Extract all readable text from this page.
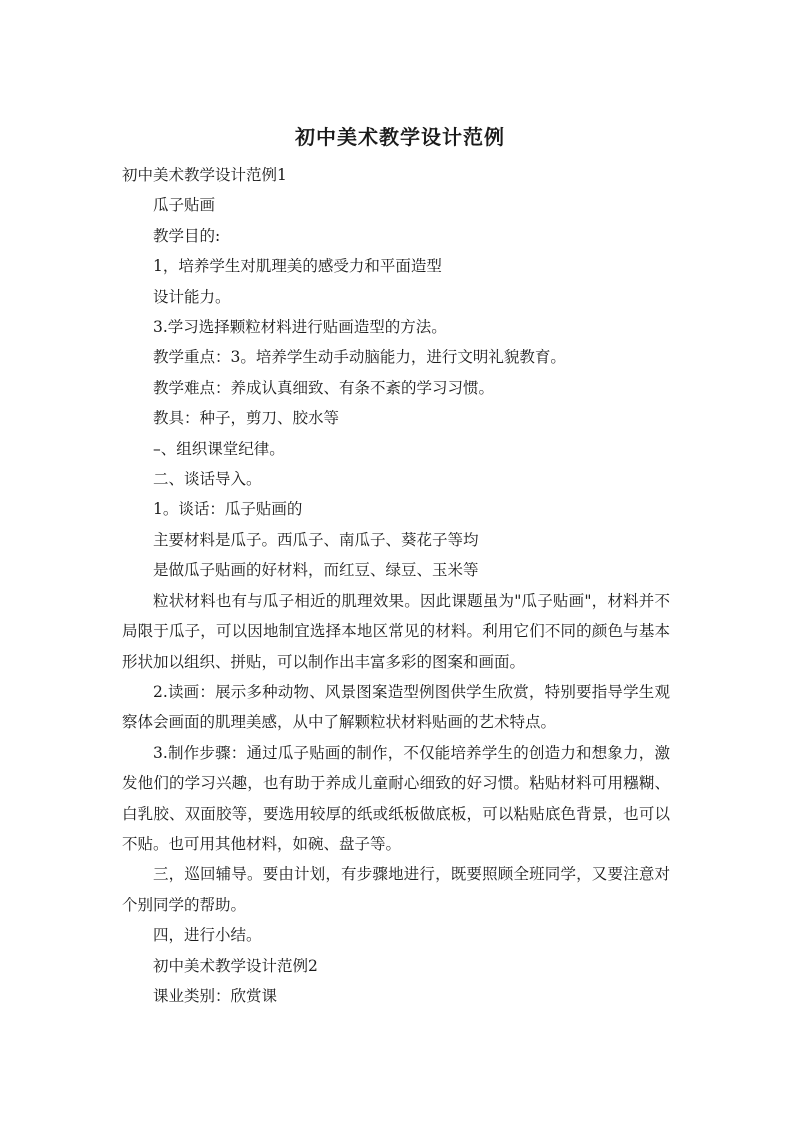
初中美术教学设计范例

初中美术教学设计范例1

瓜子贴画

教学目的:

1，培养学生对肌理美的感受力和平面造型

设计能力。

3.学习选择颗粒材料进行贴画造型的方法。

教学重点：3。培养学生动手动脑能力，进行文明礼貌教育。

教学难点：养成认真细致、有条不紊的学习习惯。

教具：种子，剪刀、胶水等

–、组织课堂纪律。

二、谈话导入。

1。谈话：瓜子贴画的

主要材料是瓜子。西瓜子、南瓜子、葵花子等均

是做瓜子贴画的好材料，而红豆、绿豆、玉米等

粒状材料也有与瓜子相近的肌理效果。因此课题虽为"瓜子贴画"，材料并不局限于瓜子，可以因地制宜选择本地区常见的材料。利用它们不同的颜色与基本形状加以组织、拼贴，可以制作出丰富多彩的图案和画面。

2.读画：展示多种动物、风景图案造型例图供学生欣赏，特别要指导学生观察体会画面的肌理美感，从中了解颗粒状材料贴画的艺术特点。

3.制作步骤：通过瓜子贴画的制作，不仅能培养学生的创造力和想象力，激发他们的学习兴趣，也有助于养成儿童耐心细致的好习惯。粘贴材料可用糨糊、白乳胶、双面胶等，要选用较厚的纸或纸板做底板，可以粘贴底色背景，也可以不贴。也可用其他材料，如碗、盘子等。

三，巡回辅导。要由计划，有步骤地进行，既要照顾全班同学，又要注意对个别同学的帮助。

四，进行小结。

初中美术教学设计范例2

课业类别：欣赏课
